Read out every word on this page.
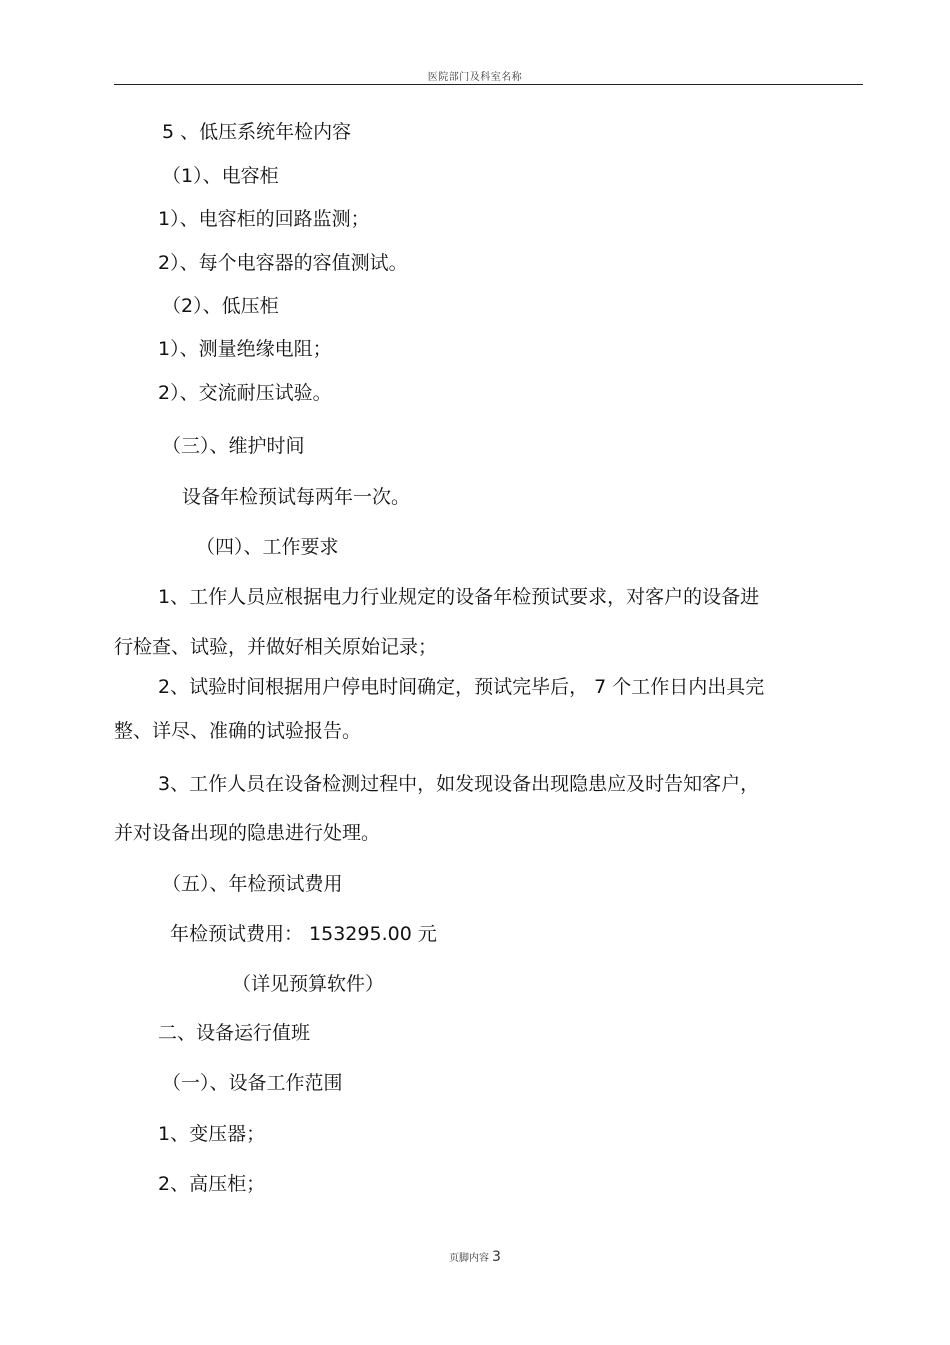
医院部门及科室名称
5 、低压系统年检内容
（1）、电容柜
1）、电容柜的回路监测；
2）、每个电容器的容值测试。
（2）、低压柜
1）、测量绝缘电阻；
2）、交流耐压试验。
（三）、维护时间
设备年检预试每两年一次。
（四）、工作要求
1、工作人员应根据电力行业规定的设备年检预试要求，对客户的设备进
行检查、试验，并做好相关原始记录；
2、试验时间根据用户停电时间确定，预试完毕后， 7 个工作日内出具完
整、详尽、准确的试验报告。
3、工作人员在设备检测过程中，如发现设备出现隐患应及时告知客户，
并对设备出现的隐患进行处理。
（五）、年检预试费用
年检预试费用： 153295.00 元
（详见预算软件）
二、设备运行值班
（一）、设备工作范围
1、变压器；
2、高压柜；
页脚内容 3
